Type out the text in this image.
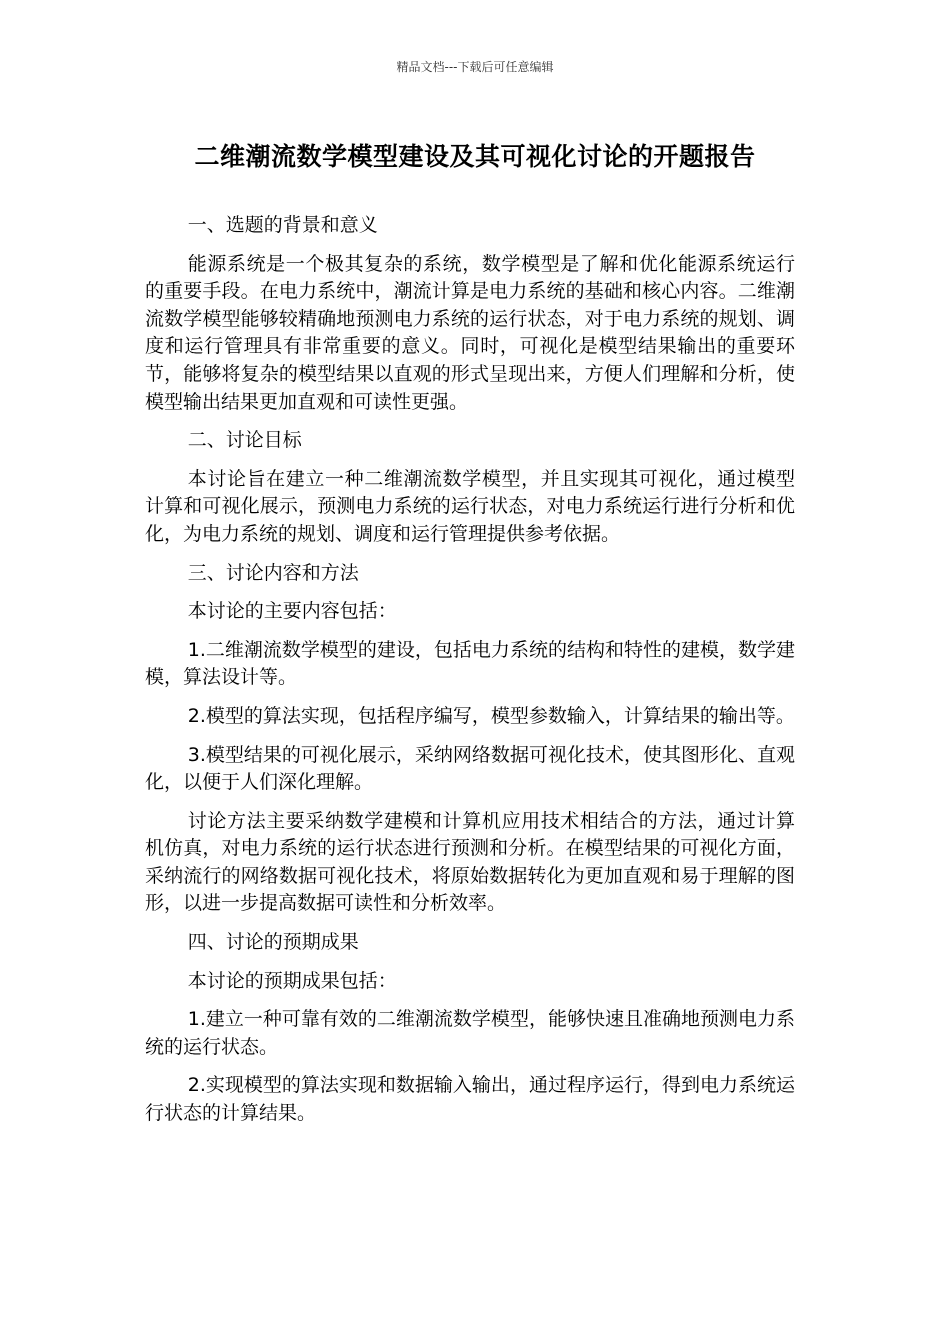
精品文档---下载后可任意编辑
二维潮流数学模型建设及其可视化讨论的开题报告

一、选题的背景和意义

能源系统是一个极其复杂的系统，数学模型是了解和优化能源系统运行的重要手段。在电力系统中，潮流计算是电力系统的基础和核心内容。二维潮流数学模型能够较精确地预测电力系统的运行状态，对于电力系统的规划、调度和运行管理具有非常重要的意义。同时，可视化是模型结果输出的重要环节，能够将复杂的模型结果以直观的形式呈现出来，方便人们理解和分析，使模型输出结果更加直观和可读性更强。

二、讨论目标

本讨论旨在建立一种二维潮流数学模型，并且实现其可视化，通过模型计算和可视化展示，预测电力系统的运行状态，对电力系统运行进行分析和优化，为电力系统的规划、调度和运行管理提供参考依据。

三、讨论内容和方法

本讨论的主要内容包括：

1.二维潮流数学模型的建设，包括电力系统的结构和特性的建模，数学建模，算法设计等。

2.模型的算法实现，包括程序编写，模型参数输入，计算结果的输出等。

3.模型结果的可视化展示，采纳网络数据可视化技术，使其图形化、直观化，以便于人们深化理解。

讨论方法主要采纳数学建模和计算机应用技术相结合的方法，通过计算机仿真，对电力系统的运行状态进行预测和分析。在模型结果的可视化方面，采纳流行的网络数据可视化技术，将原始数据转化为更加直观和易于理解的图形，以进一步提高数据可读性和分析效率。

四、讨论的预期成果

本讨论的预期成果包括：

1.建立一种可靠有效的二维潮流数学模型，能够快速且准确地预测电力系统的运行状态。

2.实现模型的算法实现和数据输入输出，通过程序运行，得到电力系统运行状态的计算结果。
